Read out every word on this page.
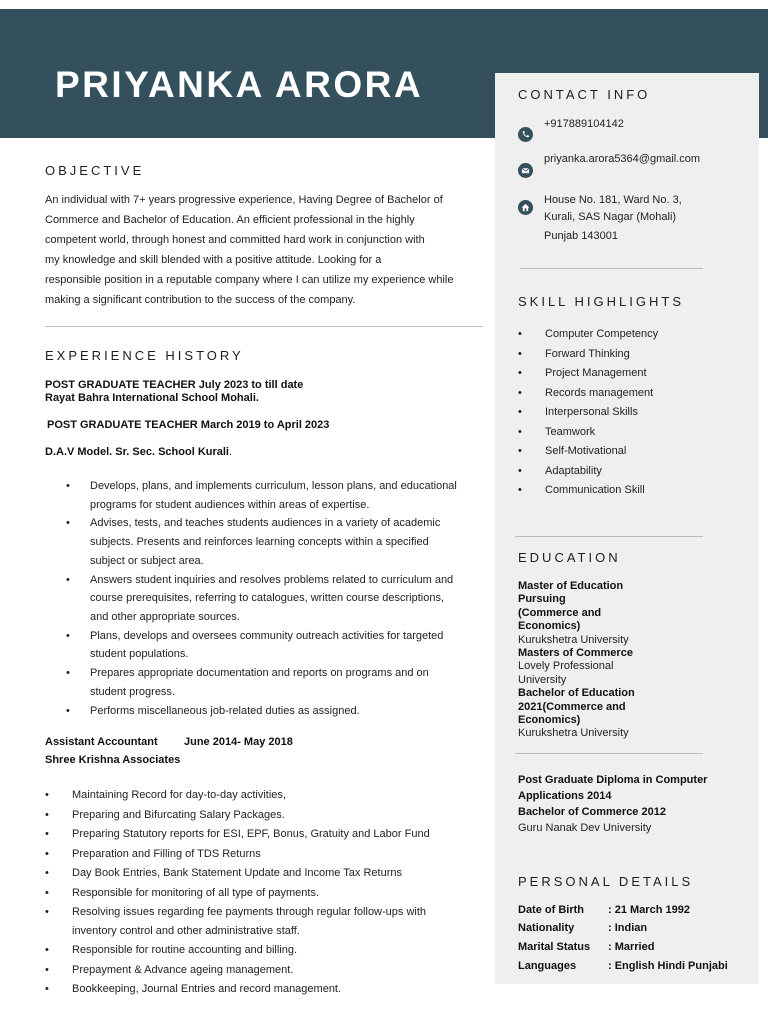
PRIYANKA ARORA
OBJECTIVE
An individual with 7+ years progressive experience, Having Degree of Bachelor of
Commerce and Bachelor of Education. An efficient professional in the highly
competent world, through honest and committed hard work in conjunction with
my knowledge and skill blended with a positive attitude. Looking for a
responsible position in a reputable company where I can utilize my experience while
making a significant contribution to the success of the company.
EXPERIENCE HISTORY
POST GRADUATE TEACHER July 2023 to till date
Rayat Bahra International School Mohali.
POST GRADUATE TEACHER March 2019 to April 2023
D.A.V Model. Sr. Sec. School Kurali.
• Develops, plans, and implements curriculum, lesson plans, and educational
programs for student audiences within areas of expertise.
• Advises, tests, and teaches students audiences in a variety of academic
subjects. Presents and reinforces learning concepts within a specified
subject or subject area.
• Answers student inquiries and resolves problems related to curriculum and
course prerequisites, referring to catalogues, written course descriptions,
and other appropriate sources.
• Plans, develops and oversees community outreach activities for targeted
student populations.
• Prepares appropriate documentation and reports on programs and on
student progress.
• Performs miscellaneous job-related duties as assigned.
Assistant Accountant June 2014- May 2018
Shree Krishna Associates
• Maintaining Record for day-to-day activities,
• Preparing and Bifurcating Salary Packages.
• Preparing Statutory reports for ESI, EPF, Bonus, Gratuity and Labor Fund
• Preparation and Filling of TDS Returns
• Day Book Entries, Bank Statement Update and Income Tax Returns
• Responsible for monitoring of all type of payments.
• Resolving issues regarding fee payments through regular follow-ups with
inventory control and other administrative staff.
• Responsible for routine accounting and billing.
• Prepayment & Advance ageing management.
• Bookkeeping, Journal Entries and record management.
CONTACT INFO
+917889104142
priyanka.arora5364@gmail.com
House No. 181, Ward No. 3,
Kurali, SAS Nagar (Mohali)
Punjab 143001
SKILL HIGHLIGHTS
• Computer Competency
• Forward Thinking
• Project Management
• Records management
• Interpersonal Skills
• Teamwork
• Self-Motivational
• Adaptability
• Communication Skill
EDUCATION
Master of Education
Pursuing
(Commerce and
Economics)
Kurukshetra University
Masters of Commerce
Lovely Professional
University
Bachelor of Education
2021(Commerce and
Economics)
Kurukshetra University
Post Graduate Diploma in Computer
Applications 2014
Bachelor of Commerce 2012
Guru Nanak Dev University
PERSONAL DETAILS
Date of Birth : 21 March 1992
Nationality	: Indian
Marital Status : Married
Languages	: English Hindi Punjabi
